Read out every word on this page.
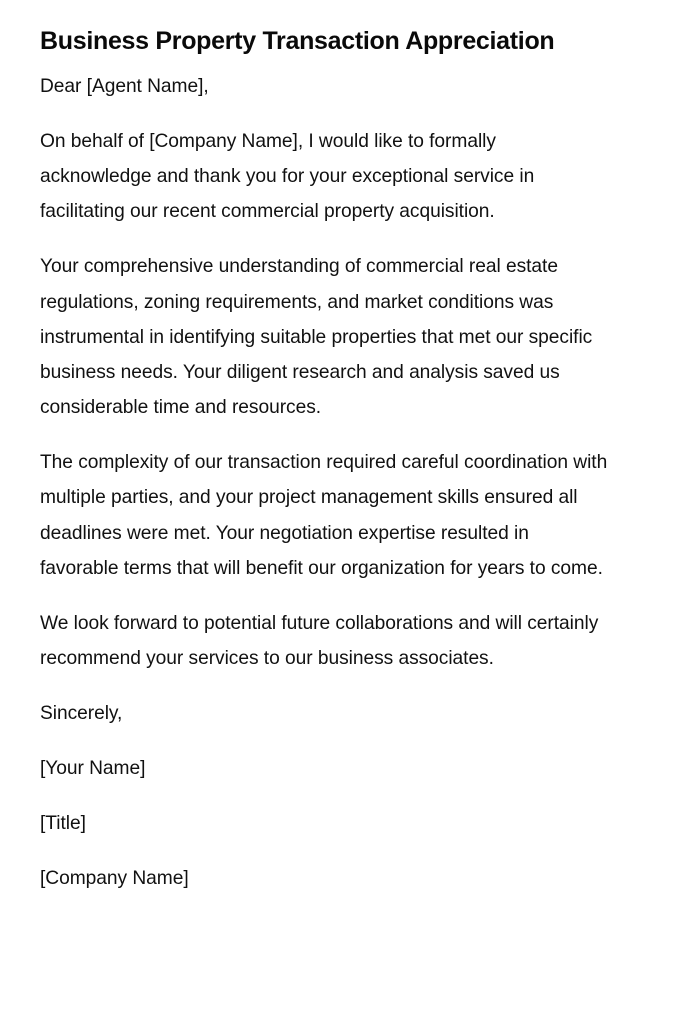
Business Property Transaction Appreciation

Dear [Agent Name],

On behalf of [Company Name], I would like to formally acknowledge and thank you for your exceptional service in facilitating our recent commercial property acquisition.

Your comprehensive understanding of commercial real estate regulations, zoning requirements, and market conditions was instrumental in identifying suitable properties that met our specific business needs. Your diligent research and analysis saved us considerable time and resources.

The complexity of our transaction required careful coordination with multiple parties, and your project management skills ensured all deadlines were met. Your negotiation expertise resulted in favorable terms that will benefit our organization for years to come.

We look forward to potential future collaborations and will certainly recommend your services to our business associates.

Sincerely,

[Your Name]

[Title]

[Company Name]
